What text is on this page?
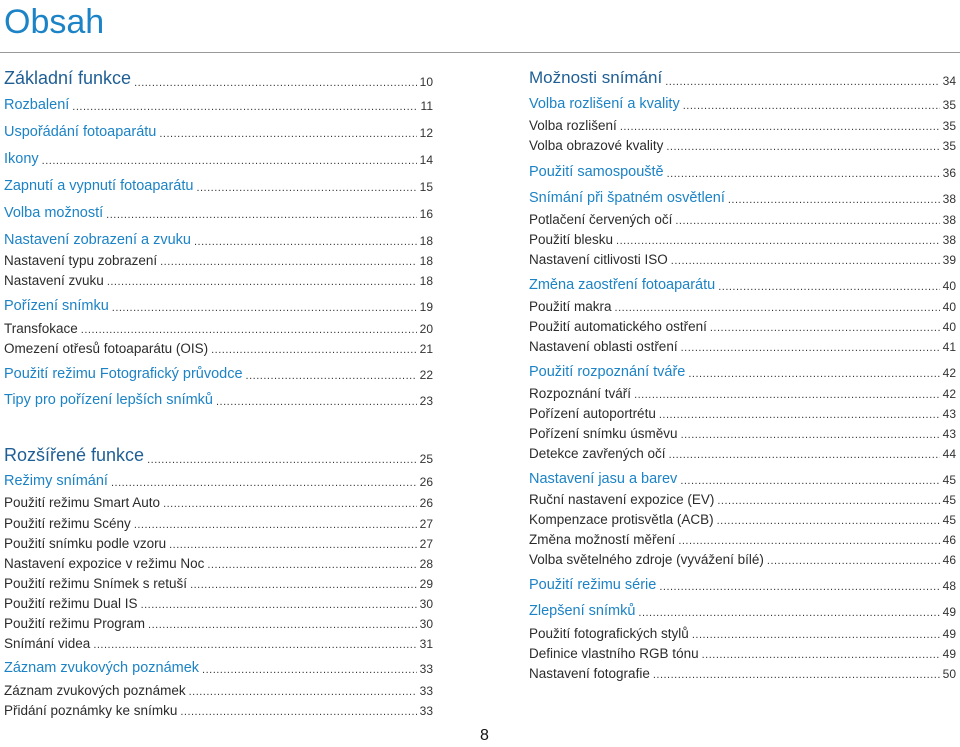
Obsah
Základní funkce .....	10
Rozbalení .....	11
Uspořádání fotoaparátu .....	12
Ikony .....	14
Zapnutí a vypnutí fotoaparátu .....	15
Volba možností .....	16
Nastavení zobrazení a zvuku .....	18
Nastavení typu zobrazení .....	18
Nastavení zvuku .....	18
Pořízení snímku .....	19
Transfokace .....	20
Omezení otřesů fotoaparátu (OIS) .....	21
Použití režimu Fotografický průvodce .....	22
Tipy pro pořízení lepších snímků .....	23
Rozšířené funkce .....	25
Režimy snímání .....	26
Použití režimu Smart Auto .....	26
Použití režimu Scény .....	27
Použití snímku podle vzoru .....	27
Nastavení expozice v režimu Noc .....	28
Použití režimu Snímek s retuší .....	29
Použití režimu Dual IS .....	30
Použití režimu Program .....	30
Snímání videa .....	31
Záznam zvukových poznámek .....	33
Záznam zvukových poznámek .....	33
Přidání poznámky ke snímku .....	33
Možnosti snímání .....	34
Volba rozlišení a kvality .....	35
Volba rozlišení .....	35
Volba obrazové kvality .....	35
Použití samospouště .....	36
Snímání při špatném osvětlení .....	38
Potlačení červených očí .....	38
Použití blesku .....	38
Nastavení citlivosti ISO .....	39
Změna zaostření fotoaparátu .....	40
Použití makra .....	40
Použití automatického ostření .....	40
Nastavení oblasti ostření .....	41
Použití rozpoznání tváře .....	42
Rozpoznání tváří .....	42
Pořízení autoportrétu .....	43
Pořízení snímku úsměvu .....	43
Detekce zavřených očí .....	44
Nastavení jasu a barev .....	45
Ruční nastavení expozice (EV) .....	45
Kompenzace protisvětla (ACB) .....	45
Změna možností měření .....	46
Volba světelného zdroje (vyvážení bílé) .....	46
Použití režimu série .....	48
Zlepšení snímků .....	49
Použití fotografických stylů .....	49
Definice vlastního RGB tónu .....	49
Nastavení fotografie .....	50
8
